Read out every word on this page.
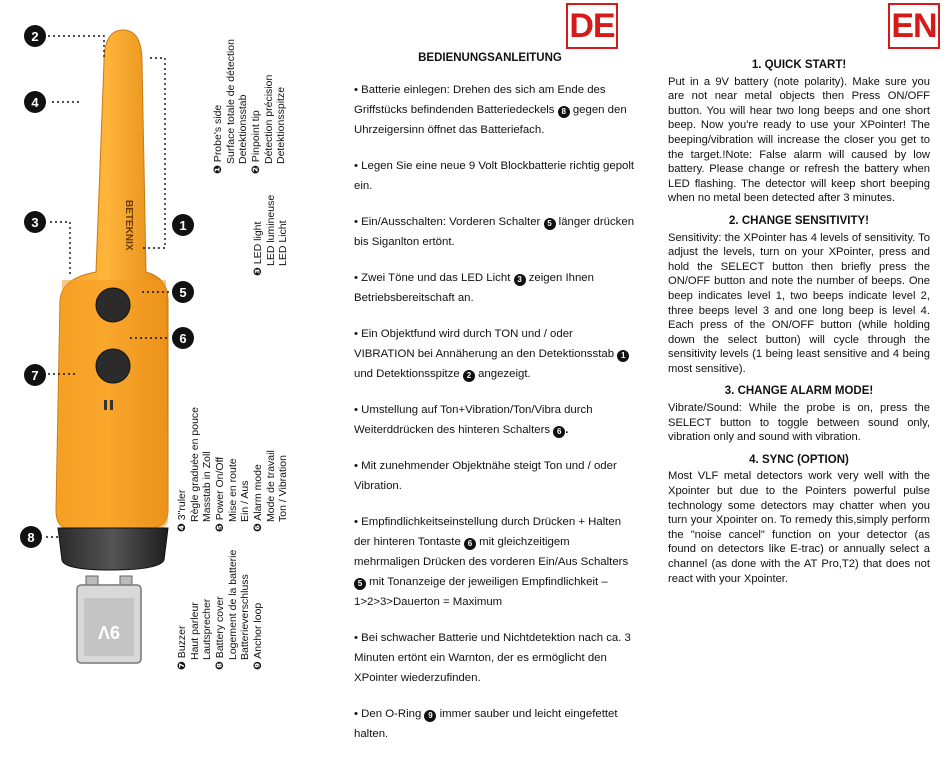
BETEKNIX
9V
2
4
1
3
5
6
7
8
❶ Probe's side Surface totale de détection Detektionsstab
❷ Pinpoint tip Détection précision Detektionsspitze
❸ LED light LED lumineuse LED Licht
❹ 3"ruler Règle graduée en pouce Masstab in Zoll
❺ Power On/Off Mise en route Ein / Aus
❻ Alarm mode Mode de travail Ton / Vibration
❼ Buzzer Haut parleur Lautsprecher
❽ Battery cover Logement de la batterie Batterieverschluss
❾ Anchor loop
DE
BEDIENUNGSANLEITUNG

• Batterie einlegen: Drehen des sich am Ende des Griffstücks befindenden Batteriedeckels 8 gegen den Uhrzeigersinn öffnet das Batteriefach.

• Legen Sie eine neue 9 Volt Blockbatterie richtig gepolt ein.

• Ein/Ausschalten: Vorderen Schalter 5 länger drücken bis Siganlton ertönt.

• Zwei Töne und das LED Licht 3 zeigen Ihnen Betriebsbereitschaft an.

• Ein Objektfund wird durch TON und / oder VIBRATION bei Annäherung an den Detektionsstab 1 und Detektionsspitze 2 angezeigt.

• Umstellung auf Ton+Vibration/Ton/Vibra durch Weiterddrücken des hinteren Schalters 6 .

• Mit zunehmender Objektnähe steigt Ton und / oder Vibration.

• Empfindlichkeitseinstellung durch Drücken + Halten der hinteren Tontaste 6 mit gleichzeitigem mehrmaligen Drücken des vorderen Ein/Aus Schalters 5 mit Tonanzeige der jeweiligen Empfindlichkeit – 1>2>3>Dauerton = Maximum

• Bei schwacher Batterie und Nichtdetektion nach ca. 3 Minuten ertönt ein Warnton, der es ermöglicht den XPointer wiederzufinden.

• Den O-Ring 9 immer sauber und leicht eingefettet halten.

EN
1. QUICK START!

Put in a 9V battery (note polarity). Make sure you are not near metal objects then Press ON/OFF button. You will hear two long beeps and one short beep. Now you're ready to use your XPointer! The beeping/vibration will increase the closer you get to the target.!Note: False alarm will caused by low battery. Please change or refresh the battery when LED flashing. The detector will keep short beeping when no metal been detected after 3 minutes.

2. CHANGE SENSITIVITY!

Sensitivity: the XPointer has 4 levels of sensitivity. To adjust the levels, turn on your XPointer, press and hold the SELECT button then briefly press the ON/OFF button and note the number of beeps. One beep indicates level 1, two beeps indicate level 2, three beeps level 3 and one long beep is level 4. Each press of the ON/OFF button (while holding down the select button) will cycle through the sensitivity levels (1 being least sensitive and 4 being most sensitive).

3. CHANGE ALARM MODE!

Vibrate/Sound: While the probe is on, press the SELECT button to toggle between sound only, vibration only and sound with vibration.

4. SYNC (OPTION)

Most VLF metal detectors work very well with the Xpointer but due to the Pointers powerful pulse technology some detectors may chatter when you turn your Xpointer on. To remedy this,simply perform the "noise cancel" function on your detector (as found on detectors like E-trac) or annually select a channel (as done with the AT Pro,T2) that does not react with your Xpointer.
